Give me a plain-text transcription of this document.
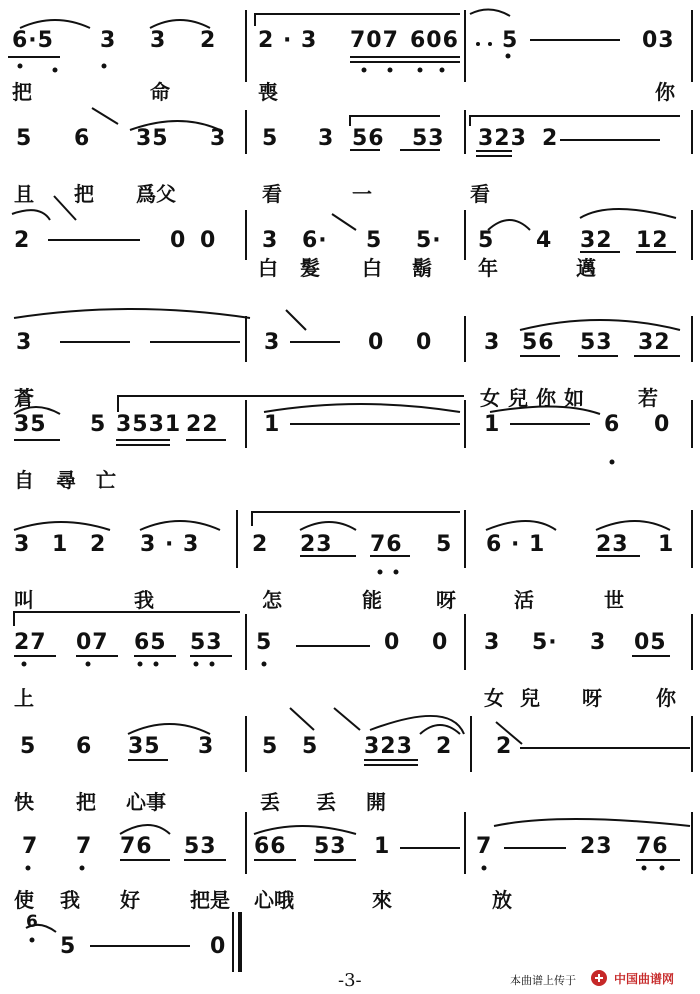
6·5 3 3 2 2 · 3 707 606 5	03
把	命	喪	你
5 6 35 3 5 3 56 53 323 2
且 把 爲父	看	一	看
2	0 0 3 6· 5 5· 5 4 32 12
白 髮 白 鬍 年	邁
3	3	0 0 3 56 53 32
蒼	女兒你如 若
35 5 3531 22 1	1	6 0
自 尋 亡
3 1 2 3 · 3 2 23 76 5 6 · 1 23 1
叫	我	怎	能	呀	活	世
27 07 65 53 5	0 0 3 5· 3 05
上	女 兒 呀	你
5 6 35 3 5 5 323 2 2
快 把 心事	丢 丢 開
7 7 76 53 66 53 1	7	23 76
使 我 好	把是 心哦	來	放
6
5	0
-3-	本曲谱上传于	中国曲谱网
